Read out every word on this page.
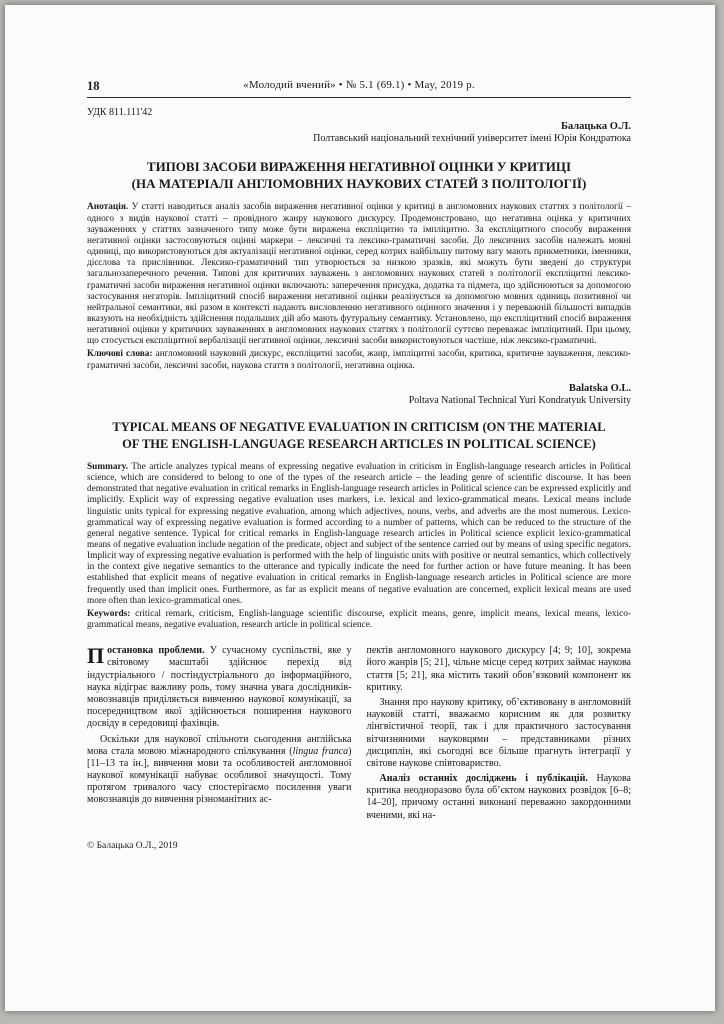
18	«Молодий вчений» • № 5.1 (69.1) • May, 2019 р.
УДК 811.111'42
Балацька О.Л.
Полтавський національний технічний університет імені Юрія Кондратюка
ТИПОВІ ЗАСОБИ ВИРАЖЕННЯ НЕГАТИВНОЇ ОЦІНКИ У КРИТИЦІ
(НА МАТЕРІАЛІ АНГЛОМОВНИХ НАУКОВИХ СТАТЕЙ З ПОЛІТОЛОГІЇ)

Анотація. У статті наводиться аналіз засобів вираження негативної оцінки у критиці в англомовних наукових статтях з політології – одного з видів наукової статті – провідного жанру наукового дискурсу. Продемонстровано, що негативна оцінка у критичних зауваженнях у статтях зазначеного типу може бути виражена експліцитно та імпліцитно. За експліцитного способу вираження негативної оцінки застосовуються оцінні маркери – лексичні та лексико-граматичні засоби. До лексичних засобів належать мовні одиниці, що використовуються для актуалізації негативної оцінки, серед котрих найбільшу питому вагу мають прикметники, іменники, дієслова та прислівники. Лексико-граматичний тип утворюється за низкою зразків, які можуть бути зведені до структури загальнозаперечного речення. Типові для критичних зауважень з англомовних наукових статей з політології експліцитні лексико-граматичні засоби вираження негативної оцінки включають: заперечення присудка, додатка та підмета, що здійснюються за допомогою застосування негаторів. Імпліцитний спосіб вираження негативної оцінки реалізується за допомогою мовних одиниць позитивної чи нейтральної семантики, які разом в контексті надають висловленню негативного оцінного значення і у переважній більшості випадків вказують на необхідність здійснення подальших дій або мають футуральну семантику. Установлено, що експліцитний спосіб вираження негативної оцінки у критичних зауваженнях в англомовних наукових статтях з політології суттєво переважає імпліцитний. При цьому, що стосується експліцитної вербалізації негативної оцінки, лексичні засоби використовуються частіше, ніж лексико-граматичні.

Ключові слова: англомовний науковий дискурс, експліцитні засоби, жанр, імпліцитні засоби, критика, критичне зауваження, лексико-граматичні засоби, лексичні засоби, наукова стаття з політології, негативна оцінка.

Balatska O.L.
Poltava National Technical Yuri Kondratyuk University
TYPICAL MEANS OF NEGATIVE EVALUATION IN CRITICISM (ON THE MATERIAL
OF THE ENGLISH-LANGUAGE RESEARCH ARTICLES IN POLITICAL SCIENCE)

Summary. The article analyzes typical means of expressing negative evaluation in criticism in English-language research articles in Political science, which are considered to belong to one of the types of the research article – the leading genre of scientific discourse. It has been demonstrated that negative evaluation in critical remarks in English-language research articles in Political science can be expressed explicitly and implicitly. Explicit way of expressing negative evaluation uses markers, i.e. lexical and lexico-grammatical means. Lexical means include linguistic units typical for expressing negative evaluation, among which adjectives, nouns, verbs, and adverbs are the most numerous. Lexico-grammatical way of expressing negative evaluation is formed according to a number of patterns, which can be reduced to the structure of the general negative sentence. Typical for critical remarks in English-language research articles in Political science explicit lexico-grammatical means of negative evaluation include negation of the predicate, object and subject of the sentence carried out by means of using specific negators. Implicit way of expressing negative evaluation is performed with the help of linguistic units with positive or neutral semantics, which collectively in the context give negative semantics to the utterance and typically indicate the need for further action or have future meaning. It has been established that explicit means of negative evaluation in critical remarks in English-language research articles in Political science are more frequently used than implicit ones. Furthermore, as far as explicit means of negative evaluation are concerned, explicit lexical means are used more often than lexico-grammatical ones.

Keywords: critical remark, criticism, English-language scientific discourse, explicit means, genre, implicit means, lexical means, lexico-grammatical means, negative evaluation, research article in political science.

Постановка проблеми. У сучасному суспільстві, яке у світовому масштабі здійснює перехід від індустріального / постіндустріального до інформаційного, наука відіграє важливу роль, тому значна увага дослідників-мовознавців приділяється вивченню наукової комунікації, за посередництвом якої здійснюється поширення наукового досвіду в середовищі фахівців.

Оскільки для наукової спільноти сьогодення англійська мова стала мовою міжнародного спілкування (lingua franca) [11–13 та ін.], вивчення мови та особливостей англомовної наукової комунікації набуває особливої значущості. Тому протягом тривалого часу спостерігаємо посилення уваги мовознавців до вивчення різноманітних ас-

пектів англомовного наукового дискурсу [4; 9; 10], зокрема його жанрів [5; 21], чільне місце серед котрих займає наукова стаття [5; 21], яка містить такий обов’язковий компонент як критику.

Знання про наукову критику, об’єктивовану в англомовній науковій статті, вважаємо корисним як для розвитку лінгвістичної теорії, так і для практичного застосування вітчизняними науковцями – представниками різних дисциплін, які сьогодні все більше прагнуть інтеграції у світове наукове співтовариство.

Аналіз останніх досліджень і публікацій. Наукова критика неодноразово була об’єктом наукових розвідок [6–8; 14–20], причому останні виконані переважно закордонними вченими, які на-

© Балацька О.Л., 2019
